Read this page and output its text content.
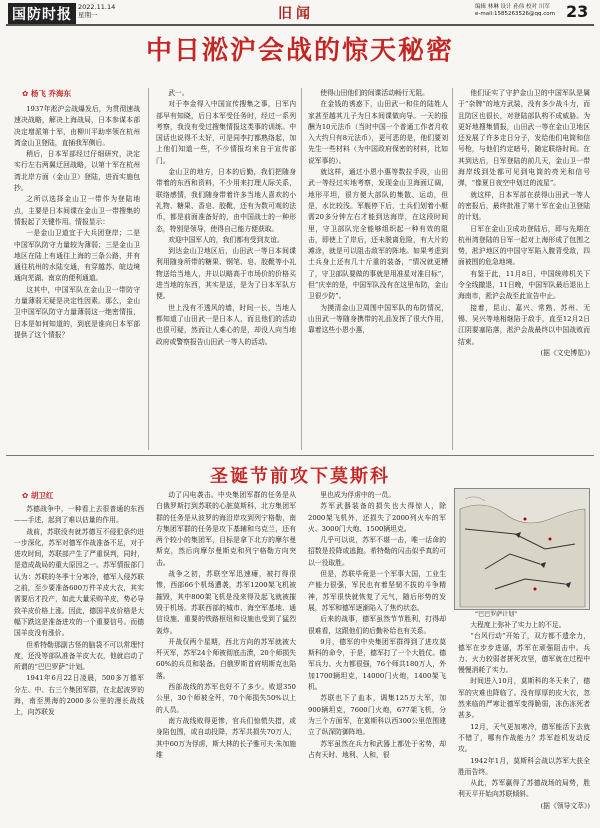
国防时报 2022.11.14
星期一	旧闻	编辑 林琳 设计 孙伟 校对 川军
e-mail:1585263526@qq.com 23
中日淞沪会战的惊天秘密
✿ 杨飞 乔海东

1937年淞沪会战爆发后，为贯彻速战速决战略，解决上海战局，日本参谋本部决定增派第十军，由柳川平助率领在杭州湾金山卫登陆，直插我军侧后。

稍后，日本军部经过仔细研究，决定实行左右两翼迂回战略，以第十军在杭州湾北岸方面（金山卫）登陆，进而实施包抄。

之所以选择金山卫一带作为登陆地点，主要是日本间谍在金山卫一带搜集的情报起了关键作用。情报显示：

一是金山卫道宜于大兵团登岸；二是中国军队防守力量较为薄弱；三是金山卫地区在陆上有通往上海的三条公路，并有通往杭州的水陆交通，有穿越苏、皖边境通向芜湖、南京的便利通道。

这其中，中国军队在金山卫一带防守力量薄弱无疑是决定性因素。那么，金山卫中国军队防守力量薄弱这一绝密情报，日本是如何知道的，到底是谁向日本军部提供了这个情报？

武一。

对于李金得入中国宣传搜集之事，日军内部早有知晓，后日本军受任务时，经过一系列考察，我没有受过搜集情报这类事的训练。中国话也说得不太好，可是同李打都熟络起，加上他们知道一些，不少情报均来自于宣传部门。

金山卫的地方，日本的后勤，我们把随身带着的东西和资料，不少用来打理人际关系，联络感情，我们随身带着许多当地人喜欢的小礼物、糖果、香皂、胶靴，还有为数可观的法币，都是前面准备好的，由中国战士的一种形态，特别是领导，使得自己能方便获取。

欢迎中国军人的，我们都有受到友谊。

到达金山卫地区后，山田武一等日本间谍利用随身所带的糖果、钢笔、皂、胶靴等小礼物送给当地人，并以以略高于市场价的价格买进当地的东西，其实是送，是为了日本军队方便。

世上没有不透风的墙，时间一长，当地人都知道了山田武一是日本人，而且他们的活动也很可疑，然而让人难心的是，却没人向当地政府或警察报告山田武一等人的活动。

使得山田他们的间谍活动畅行无阻。

在金钱的诱惑下，山田武一和住的陆姓人家甚至越其儿子为日本间谍做向导。一天的报酬为10元法币（当时中国一个普通工作者月收入大约只有8元法币），更可恶的是，他们要刘先生一些材料（为中国政府保密的材料，比如说军事的）。

就这样，通过小恩小惠等数拉手段，山田武一等经过实地考察，发现金山卫海面辽阔，地形平坦，很方便大部队的集散、运动，但是，水比较浅。军舰停下后，士兵们划着小艇需20多分钟左右才能到达海岸，在这段时间里，守卫部队完全能够组织起一种有效的阻击，即使上了岸后，还未脱离危险，有大片的滩涂，就是可以阻击敌军的阵地。如果考虑到士兵身上还有几十斤重的装备，“情况就更糟了，守卫部队要做的事就是用准星对准目标”，但“庆幸的是，中国军队没有在这里布防，金山卫很少防”。

为摸清金山卫周围中国军队的布防情况，山田武一等随身携带的礼品发挥了很大作用，靠着这些小恩小惠，

他们证实了守护金山卫的中国军队是属于“杂牌”的地方武装，没有多少战斗力，而且防区也很长，对登陆部队构不成威胁。为更好地搜集情报，山田武一等在金山卫地区还发展了许多走日分子，发给他们电筒和信号枪，与他们约定暗号，随定联络时间。在其到达后，日军登陆的前几天，金山卫一带海岸线到处都可见到电筒的亮光和信号弹，“像夏日夜空中划过的流星”。

就这样，日本军部在获得山田武一等人的密报后，最终批准了第十军在金山卫登陆的计划。

日军在金山卫成功登陆后，即与先期在杭州湾登陆的日军一起对上海形成了包围之势，淞沪地区的中国守军陷入腹背受敌，四面被围的危急地境。

有鉴于此，11月8日，中国统帅机关下令全线撤退，11日晚，中国军队最后退出上海南市，淞沪会战至此宣告中止。

接着，昆山、嘉兴、常熟、苏州、无锡、吴兴等地相继陷于敌手，直至12月2日江阴要塞陷落，淞沪会战最终以中国战败而结束。

(据《文史博览》)

圣诞节前攻下莫斯科
✿ 胡卫红

苏德战争中，一种看上去很普通的东西——手述，起到了难以估量的作用。

战前，苏联没有就苏德互不侵犯条约进一步深化，苏军对德军作战准备不足，对于进攻时间，苏联部产生了严重误判，同时，是造成战局的重大原因之一。苏军情报部门认为：苏联的冬季十分寒冷，德军入侵苏联之前，至少要准备600万件羊皮大衣，其实需要后才投产，如此大量采购羊皮，势必导致羊皮价格上涨。因此，德国羊皮价格是大幅下跌这是准备进攻的一个重要信号。而德国羊皮没有涨价。

但希特勒那副古怪的脑袋不可以常理忖度，还没等部队准备羊皮大衣，他就启动了所谓的“巴巴罗萨”计划。

1941年6月22日凌晨，500多万德军分左、中、右三个集团军群，在北起波罗的海，南至黑海的2000多公里的漫长战线上，向苏联发

动了闪电袭击。中央集团军群的任务是从白俄罗斯打到苏联的心脏莫斯科，北方集团军群的任务是从波罗的海沿岸攻到列宁格勒，南方集团军群的任务是攻下基辅和乌克兰，还有两个较小的集团军，目标是拿下北方的摩尔曼斯克，然后向摩尔曼斯克和列宁格勒方向突击。

战争之初，苏联空军迅速瘫，被打得很惨，西部66个机场遭袭，苏军1200架飞机被摧毁，其中800架飞机是没来得及起飞就被摧毁于机场。苏联西部的城市、海空军基地、通信设施、重要的铁路枢纽和设施也受到了猛烈轰炸。

开战仅两个星期，西北方向的苏军就被大歼灭军，苏军24个师被彻底击溃，20个师损失60%的兵员和装备。白俄罗斯首府明斯克也陷落。

西部战线的苏军也好不了多少。败退350公里，30个师被全歼，70个师损失50%以上的人员。

南方战线败得更惨，官兵们惊慌失措，或身陷包围，或自动投降，苏军共损失70万人，其中60万为俘虏，斯大林的长子雅可夫·朱加施维

里也成为俘虏中的一员。

苏军武器装备的损失也大得惊人，除2000架飞机外，还损失了2000列火车的军火、3000门大炮、1500辆坦克。

几乎可以说，苏军不堪一击，唯一话命的招数是投降或逃跑。希特勒的闪击似乎真的可以一役取胜。

但是，苏联毕竟是一个军事大国，工业生产能力很强，军民也有着坚韧不拔的斗争精神，苏军很快就恢复了元气，随后形势的发展，苏军和德军逐渐陷入了焦灼状态。

后来的战事，德军虽然节节胜利，打得却很难看，这跟他们的后勤补给也有关系。

9月，德军的中央集团军群得到了进攻莫斯科的命令，于是，德军打了一个大胜仗。德军兵力、火力都很强，76个师共180万人，外加1700辆坦克，14000门火炮，1400架飞机。

苏联也下了血本，调集125万大军，加900辆坦克，7600门火炮，677架飞机，分为三个方面军，在莫斯科以西300公里范围建立了纵深防御阵地。

苏军虽然在兵力和武器上都处于劣势，却占有天时、地利、人和，很

“巴巴罗萨计划”

大程度上弥补了实力上的不足。

“台风行动”开始了，双方都不遗余力，德军在步步进逼，苏军在顽强阻击中。兵力、火力较弱者拼死攻坚，德军就在过程中慢慢消耗了实力。

时间进入10月，莫斯科的冬天来了，德军的灾难也降临了。没有厚厚的皮大衣，忽然来临的严寒让德军变得脆弱，冻伤冻死者甚多。

12月，天气更加寒冷，德军能活下去就不错了，哪有作战能力？苏军趁机发动反攻。

1942年1月，莫斯科会战以苏军大获全胜而告终。

从此，苏军赢得了苏德战场的局势，胜利天平开始向苏联倾斜。

(据《领导文萃》)
